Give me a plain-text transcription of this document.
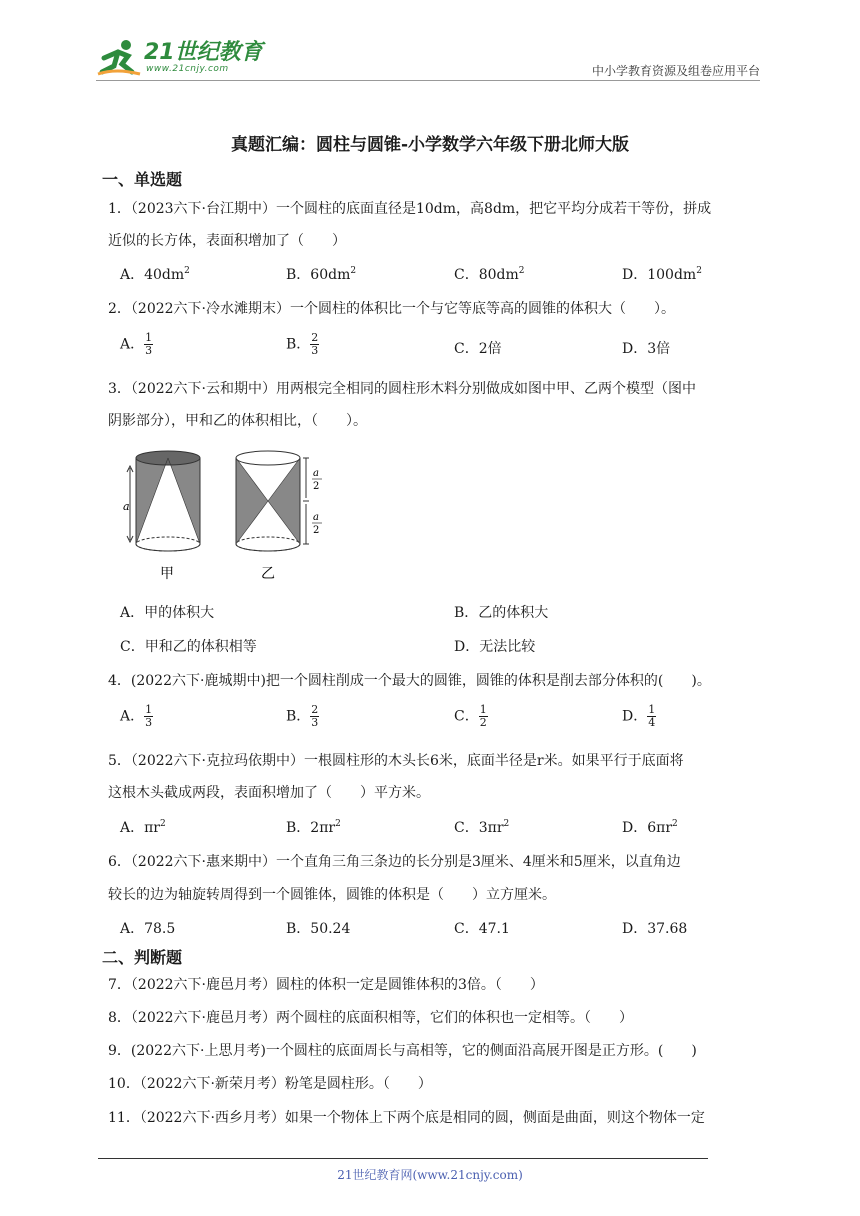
21世纪教育
www.21cnjy.com	中小学教育资源及组卷应用平台
真题汇编：圆柱与圆锥-小学数学六年级下册北师大版
一、单选题
1．（2023六下·台江期中）一个圆柱的底面直径是10dm，高8dm，把它平均分成若干等份，拼成
近似的长方体，表面积增加了（　　）
A．$40dm^2$	B．$60dm^2$	C．$80dm^2$	D．$100dm^2$
2．（2022六下·冷水滩期末）一个圆柱的体积比一个与它等底等高的圆锥的体积大（　　）。
A． $\frac{1}{3}$	B． $\frac{2}{3}$	C．2倍	D．3倍
3．（2022六下·云和期中）用两根完全相同的圆柱形木料分别做成如图中甲、乙两个模型（图中
阴影部分），甲和乙的体积相比，（　　）。
a
甲
a
2
a
2
乙
A．甲的体积大	B．乙的体积大
C．甲和乙的体积相等	D．无法比较
4．(2022六下·鹿城期中)把一个圆柱削成一个最大的圆锥，圆锥的体积是削去部分体积的(　　)。
A． $\frac{1}{3}$	B． $\frac{2}{3}$	C． $\frac{1}{2}$	D． $\frac{1}{4}$
5．（2022六下·克拉玛依期中）一根圆柱形的木头长6米，底面半径是r米。如果平行于底面将
这根木头截成两段，表面积增加了（　　）平方米。
A．$\pi r^2$	B．$2\pi r^2$	C．$3\pi r^2$	D．$6\pi r^2$
6．（2022六下·惠来期中）一个直角三角三条边的长分别是3厘米、4厘米和5厘米，以直角边
较长的边为轴旋转周得到一个圆锥体，圆锥的体积是（　　）立方厘米。
A．78.5	B．50.24	C．47.1	D．37.68
二、判断题
7．（2022六下·鹿邑月考）圆柱的体积一定是圆锥体积的3倍。（　　）
8．（2022六下·鹿邑月考）两个圆柱的底面积相等，它们的体积也一定相等。（　　）
9．(2022六下·上思月考)一个圆柱的底面周长与高相等，它的侧面沿高展开图是正方形。(　　)
10．（2022六下·新荣月考）粉笔是圆柱形。（　　）
11．（2022六下·西乡月考）如果一个物体上下两个底是相同的圆，侧面是曲面，则这个物体一定
21世纪教育网(www.21cnjy.com)
